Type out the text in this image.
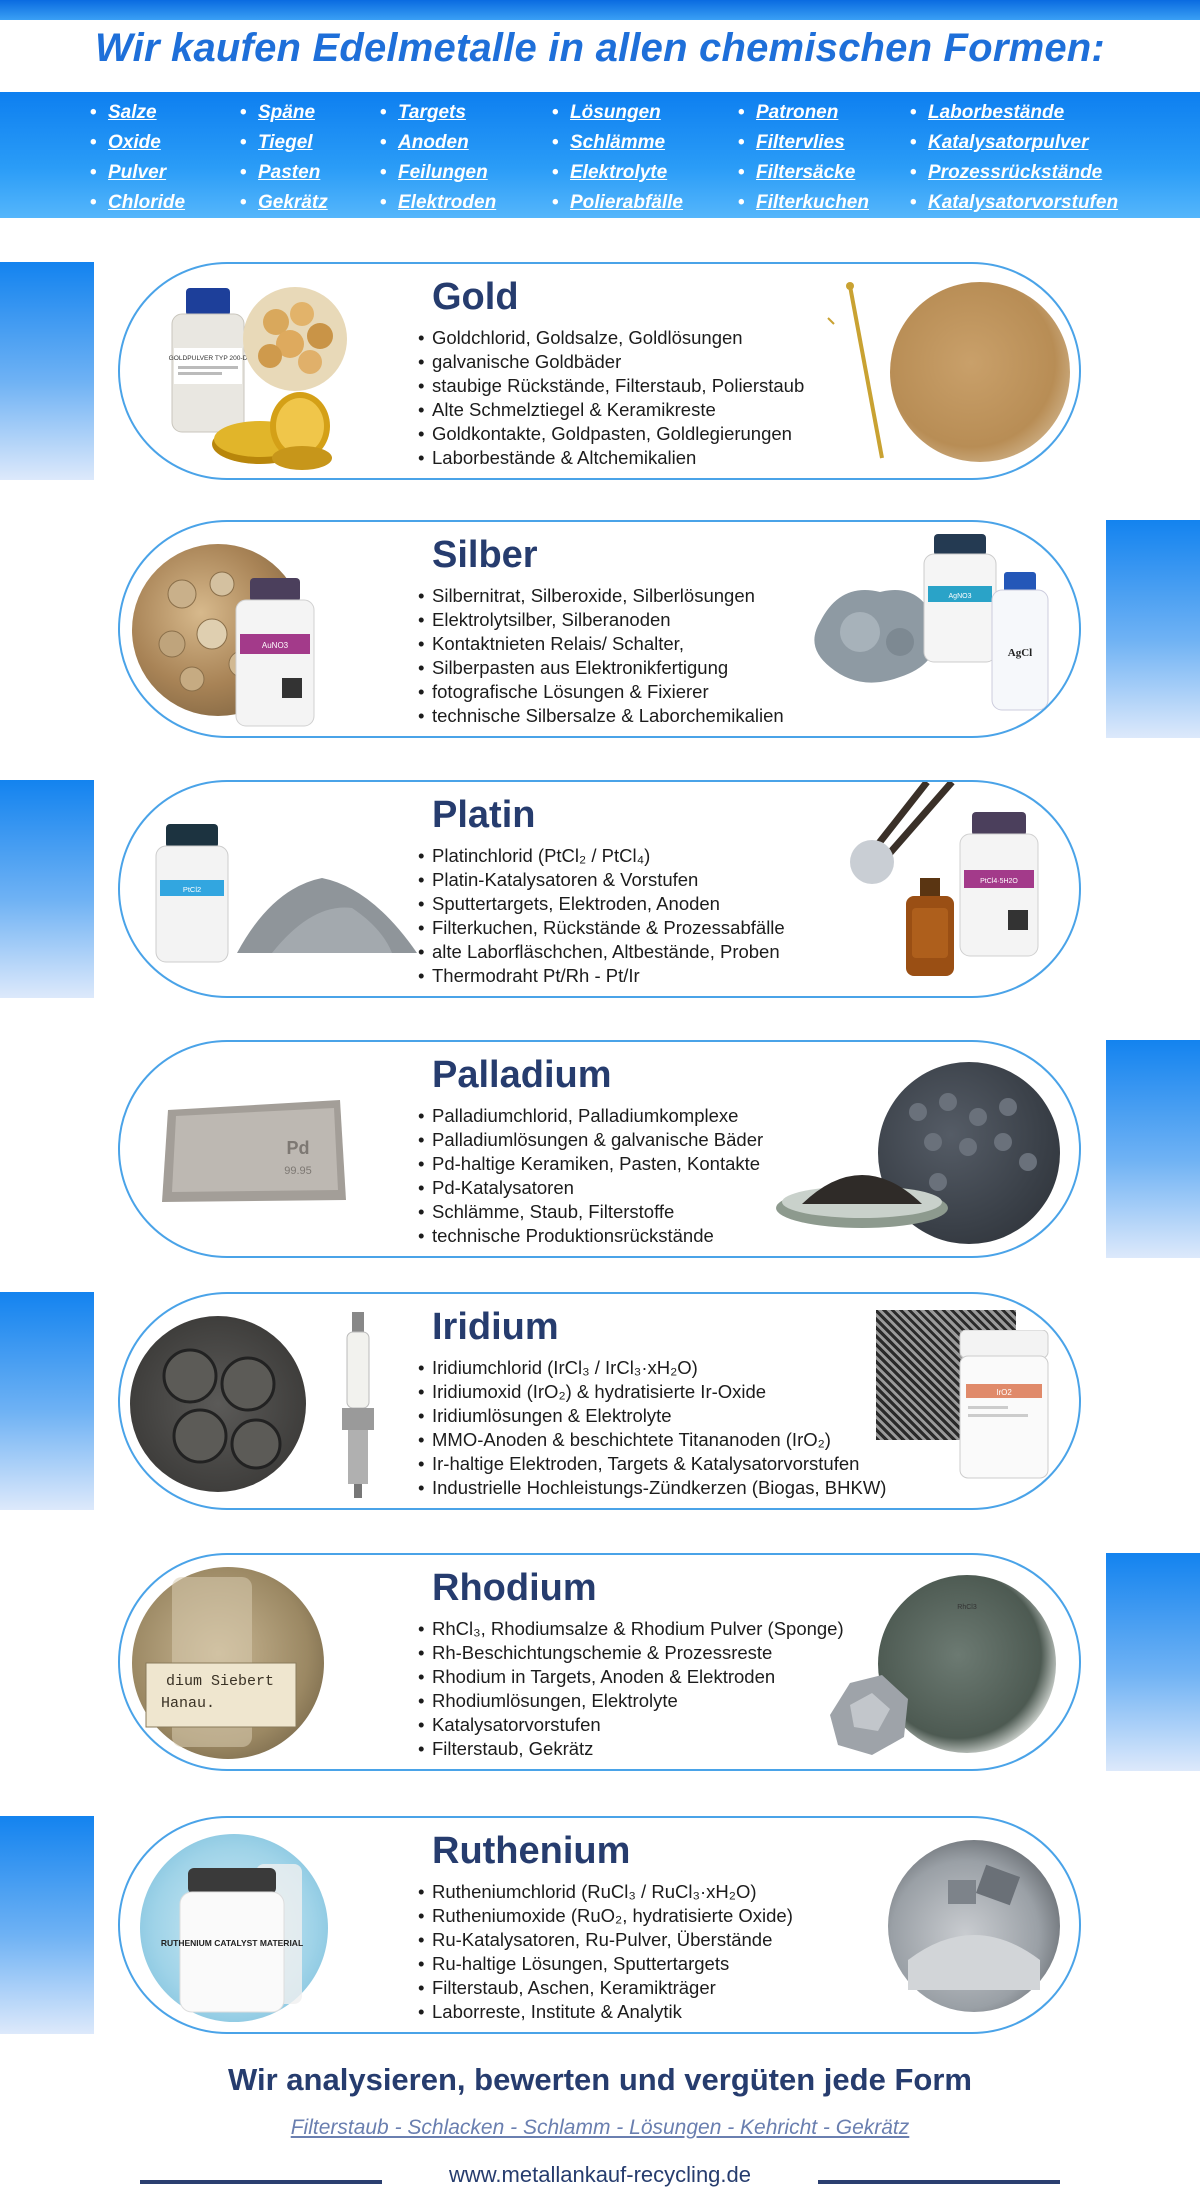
Wir kaufen Edelmetalle in allen chemischen Formen:
• Salze
• Oxide
• Pulver
• Chloride
• Späne
• Tiegel
• Pasten
• Gekrätz
• Targets
• Anoden
• Feilungen
• Elektroden
• Lösungen
• Schlämme
• Elektrolyte
• Polierabfälle
• Patronen
• Filtervlies
• Filtersäcke
• Filterkuchen
• Laborbestände
• Katalysatorpulver
• Prozessrückstände
• Katalysatorvorstufen
GOLDPULVER TYP 200-D
Gold
• Goldchlorid, Goldsalze, Goldlösungen
• galvanische Goldbäder
• staubige Rückstände, Filterstaub, Polierstaub
• Alte Schmelztiegel & Keramikreste
• Goldkontakte, Goldpasten, Goldlegierungen
• Laborbestände & Altchemikalien
AuNO3
Silber
• Silbernitrat, Silberoxide, Silberlösungen
• Elektrolytsilber, Silberanoden
• Kontaktnieten Relais/ Schalter,
• Silberpasten aus Elektronikfertigung
• fotografische Lösungen & Fixierer
• technische Silbersalze & Laborchemikalien
AgNO3
AgCl
PtCl2
Platin
• Platinchlorid (PtCl₂ / PtCl₄)
• Platin-Katalysatoren & Vorstufen
• Sputtertargets, Elektroden, Anoden
• Filterkuchen, Rückstände & Prozessabfälle
• alte Laborfläschchen, Altbestände, Proben
• Thermodraht Pt/Rh - Pt/Ir
PtCl4·5H2O
Pd
99.95
Palladium
• Palladiumchlorid, Palladiumkomplexe
• Palladiumlösungen & galvanische Bäder
• Pd-haltige Keramiken, Pasten, Kontakte
• Pd-Katalysatoren
• Schlämme, Staub, Filterstoffe
• technische Produktionsrückstände
Iridium
• Iridiumchlorid (IrCl₃ / IrCl₃·xH₂O)
• Iridiumoxid (IrO₂) & hydratisierte Ir-Oxide
• Iridiumlösungen & Elektrolyte
• MMO-Anoden & beschichtete Titananoden (IrO₂)
• Ir-haltige Elektroden, Targets & Katalysatorvorstufen
• Industrielle Hochleistungs-Zündkerzen (Biogas, BHKW)
IrO2
dium Siebert
Hanau.
Rhodium
• RhCl₃, Rhodiumsalze & Rhodium Pulver (Sponge)
• Rh-Beschichtungschemie & Prozessreste
• Rhodium in Targets, Anoden & Elektroden
• Rhodiumlösungen, Elektrolyte
• Katalysatorvorstufen
• Filterstaub, Gekrätz
RhCl3
RUTHENIUM CATALYST MATERIAL
Ruthenium
• Rutheniumchlorid (RuCl₃ / RuCl₃·xH₂O)
• Rutheniumoxide (RuO₂, hydratisierte Oxide)
• Ru-Katalysatoren, Ru-Pulver, Überstände
• Ru-haltige Lösungen, Sputtertargets
• Filterstaub, Aschen, Keramikträger
• Laborreste, Institute & Analytik
Wir analysieren, bewerten und vergüten jede Form
Filterstaub - Schlacken - Schlamm - Lösungen - Kehricht - Gekrätz
www.metallankauf-recycling.de
